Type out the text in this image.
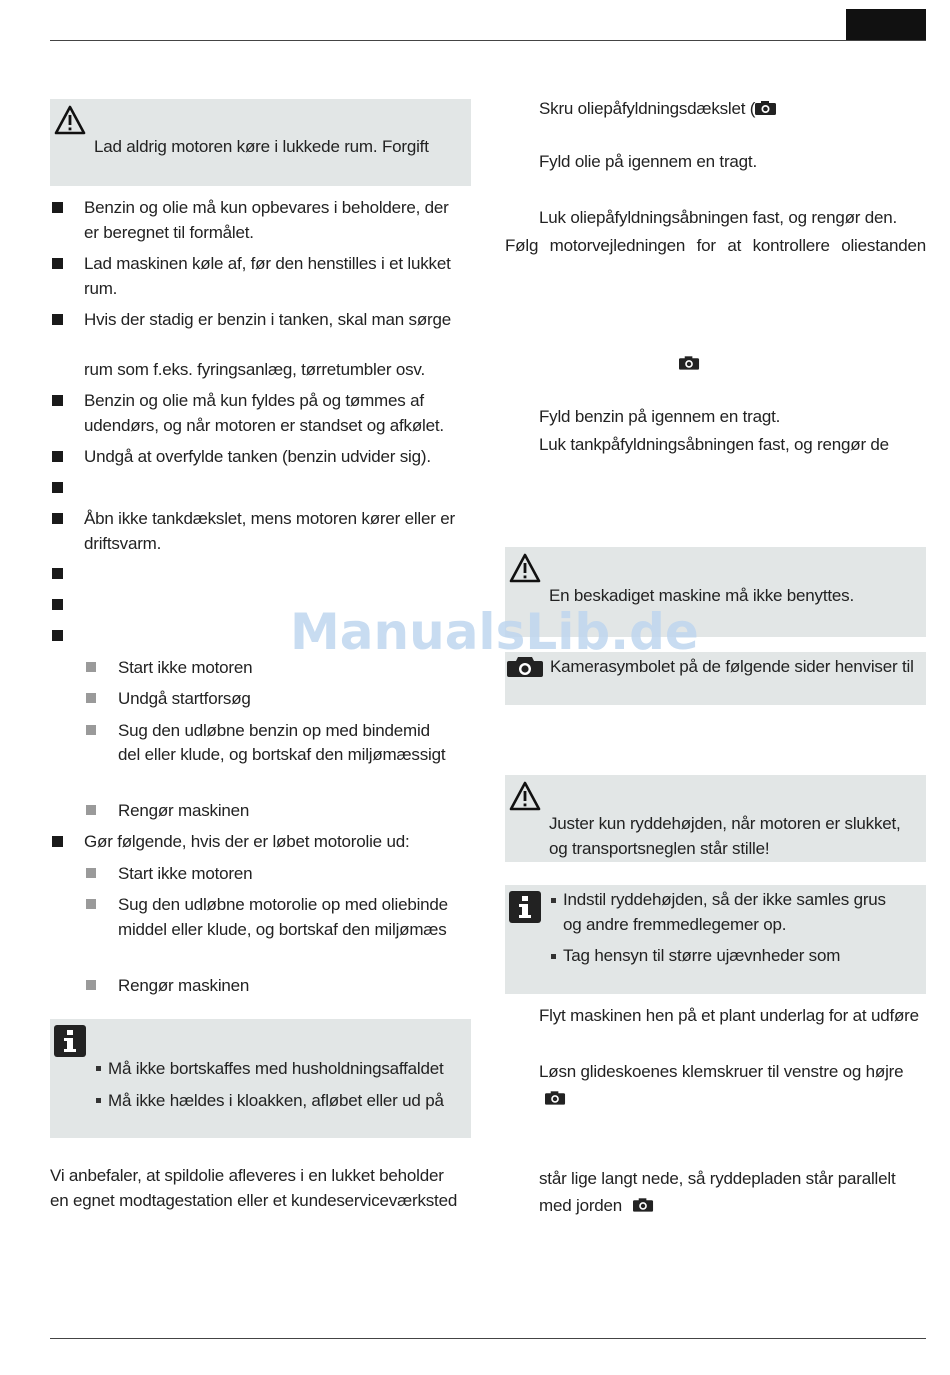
Lad aldrig motoren køre i lukkede rum. Forgift
Benzin og olie må kun opbevares i beholdere, der
er beregnet til formålet.
Lad maskinen køle af, før den henstilles i et lukket
rum.
Hvis der stadig er benzin i tanken, skal man sørge
rum som f.eks. fyringsanlæg, tørretumbler osv.
Benzin og olie må kun fyldes på og tømmes af
udendørs, og når motoren er standset og afkølet.
Undgå at overfylde tanken (benzin udvider sig).
Åbn ikke tankdækslet, mens motoren kører eller er
driftsvarm.
Start ikke motoren
Undgå startforsøg
Sug den udløbne benzin op med bindemid
del eller klude, og bortskaf den miljømæssigt
Rengør maskinen
Gør følgende, hvis der er løbet motorolie ud:
Start ikke motoren
Sug den udløbne motorolie op med oliebinde
middel eller klude, og bortskaf den miljømæs
Rengør maskinen
Må ikke bortskaffes med husholdningsaffaldet
Må ikke hældes i kloakken, afløbet eller ud på
Vi anbefaler, at spildolie afleveres i en lukket beholder
en egnet modtagestation eller et kundeserviceværksted
Skru oliepåfyldningsdækslet (
Fyld olie på igennem en tragt.
Luk oliepåfyldningsåbningen fast, og rengør den.
Følg motorvejledningen for at kontrollere oliestanden
Fyld benzin på igennem en tragt.
Luk tankpåfyldningsåbningen fast, og rengør de
En beskadiget maskine må ikke benyttes.
Kamerasymbolet på de følgende sider henviser til
Juster kun ryddehøjden, når motoren er slukket,
og transportsneglen står stille!
Indstil ryddehøjden, så der ikke samles grus
og andre fremmedlegemer op.
Tag hensyn til større ujævnheder som
Flyt maskinen hen på et plant underlag for at udføre
Løsn glideskoenes klemskruer til venstre og højre
står lige langt nede, så ryddepladen står parallelt
med jorden
ManualsLib.de
